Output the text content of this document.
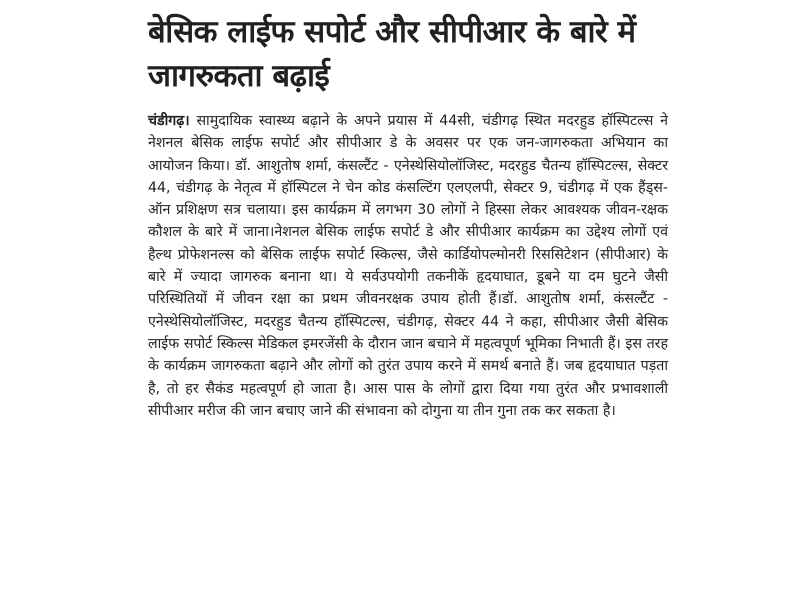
बेसिक लाईफ सपोर्ट और सीपीआर के बारे में
जागरुकता बढ़ाई

चंडीगढ़। सामुदायिक स्वास्थ्य बढ़ाने के अपने प्रयास में 44सी, चंडीगढ़ स्थित मदरहुड हॉस्पिटल्स ने नेशनल बेसिक लाईफ सपोर्ट और सीपीआर डे के अवसर पर एक जन-जागरुकता अभियान का आयोजन किया। डॉ. आशुतोष शर्मा, कंसल्टैंट - एनेस्थेसियोलॉजिस्ट, मदरहुड चैतन्य हॉस्पिटल्स, सेक्टर 44, चंडीगढ़ के नेतृत्व में हॉस्पिटल ने चेन कोड कंसल्टिंग एलएलपी, सेक्टर 9, चंडीगढ़ में एक हैंड्स-ऑन प्रशिक्षण सत्र चलाया। इस कार्यक्रम में लगभग 30 लोगों ने हिस्सा लेकर आवश्यक जीवन-रक्षक कौशल के बारे में जाना।नेशनल बेसिक लाईफ सपोर्ट डे और सीपीआर कार्यक्रम का उद्देश्य लोगों एवं हैल्थ प्रोफेशनल्स को बेसिक लाईफ सपोर्ट स्किल्स, जैसे कार्डियोपल्मोनरी रिससिटेशन (सीपीआर) के बारे में ज्यादा जागरुक बनाना था। ये सर्वउपयोगी तकनीकें हृदयाघात, डूबने या दम घुटने जैसी परिस्थितियों में जीवन रक्षा का प्रथम जीवनरक्षक उपाय होती हैं।डॉ. आशुतोष शर्मा, कंसल्टैंट - एनेस्थेसियोलॉजिस्ट, मदरहुड चैतन्य हॉस्पिटल्स, चंडीगढ़, सेक्टर 44 ने कहा, सीपीआर जैसी बेसिक लाईफ सपोर्ट स्किल्स मेडिकल इमरजेंसी के दौरान जान बचाने में महत्वपूर्ण भूमिका निभाती हैं। इस तरह के कार्यक्रम जागरुकता बढ़ाने और लोगों को तुरंत उपाय करने में समर्थ बनाते हैं। जब हृदयाघात पड़ता है, तो हर सैकंड महत्वपूर्ण हो जाता है। आस पास के लोगों द्वारा दिया गया तुरंत और प्रभावशाली सीपीआर मरीज की जान बचाए जाने की संभावना को दोगुना या तीन गुना तक कर सकता है।
